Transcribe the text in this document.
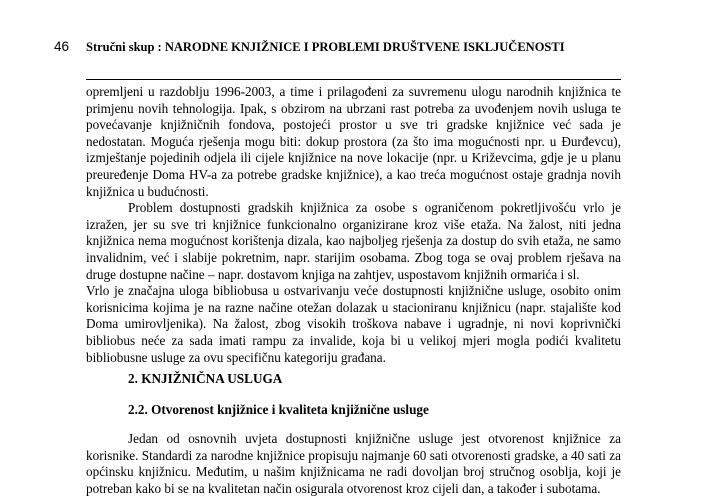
46 Stručni skup : NARODNE KNJIŽNICE I PROBLEMI DRUŠTVENE ISKLJUČENOSTI

opremljeni u razdoblju 1996-2003, a time i prilagođeni za suvremenu ulogu narodnih knjižnica te primjenu novih tehnologija. Ipak, s obzirom na ubrzani rast potreba za uvođenjem novih usluga te povećavanje knjižničnih fondova, postojeći prostor u sve tri gradske knjižnice već sada je nedostatan. Moguća rješenja mogu biti: dokup prostora (za što ima mogućnosti npr. u Đurđevcu), izmještanje pojedinih odjela ili cijele knjižnice na nove lokacije (npr. u Križevcima, gdje je u planu preuređenje Doma HV-a za potrebe gradske knjižnice), a kao treća mogućnost ostaje gradnja novih knjižnica u budućnosti.

Problem dostupnosti gradskih knjižnica za osobe s ograničenom pokretljivošću vrlo je izražen, jer su sve tri knjižnice funkcionalno organizirane kroz više etaža. Na žalost, niti jedna knjižnica nema mogućnost korištenja dizala, kao najbolјeg rješenja za dostup do svih etaža, ne samo invalidnim, već i slabije pokretnim, napr. starijim osobama. Zbog toga se ovaj problem rješava na druge dostupne načine – napr. dostavom knjiga na zahtjev, uspostavom knjižnih ormarića i sl.

Vrlo je značajna uloga bibliobusa u ostvarivanju veće dostupnosti knjižnične usluge, osobito onim korisnicima kojima je na razne načine otežan dolazak u stacioniranu knjižnicu (napr. stajalište kod Doma umirovljenika). Na žalost, zbog visokih troškova nabave i ugradnje, ni novi koprivnički bibliobus neće za sada imati rampu za invalide, koja bi u velikoj mjeri mogla podići kvalitetu bibliobusne usluge za ovu specifičnu kategoriju građana.

2. KNJIŽNIČNA USLUGA
2.2. Otvorenost knjižnice i kvaliteta knjižnične usluge

Jedan od osnovnih uvjeta dostupnosti knjižnične usluge jest otvorenost knjižnice za korisnike. Standardi za narodne knjižnice propisuju najmanje 60 sati otvorenosti gradske, a 40 sati za općinsku knjižnicu. Međutim, u našim knjižnicama ne radi dovoljan broj stručnog osoblja, koji je potreban kako bi se na kvalitetan način osigurala otvorenost kroz cijeli dan, a također i subotama.
